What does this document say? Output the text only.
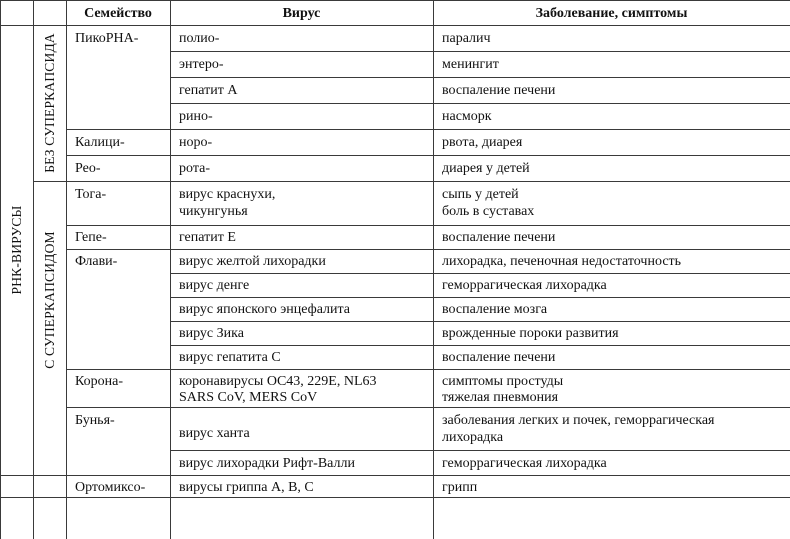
Семейство	Вирус	Заболевание, симптомы
РНК-ВИРУСЫ
БЕЗ СУПЕРКАПСИДА
С СУПЕРКАПСИДОМ
ПикоРНА-
Калици-
Рео-
Тога-
Гепе-
Флави-
Корона-
Бунья-
Ортомиксо-
полио-
энтеро-
гепатит А
рино-
норо-
рота-
вирус краснухи,
чикунгунья
гепатит Е
вирус желтой лихорадки
вирус денге
вирус японского энцефалита
вирус Зика
вирус гепатита С
коронавирусы OC43, 229E, NL63
SARS CoV, MERS CoV
вирус ханта
вирус лихорадки Рифт-Валли
вирусы гриппа A, B, C
паралич
менингит
воспаление печени
насморк
рвота, диарея
диарея у детей
сыпь у детей
боль в суставах
воспаление печени
лихорадка, печеночная недостаточность
геморрагическая лихорадка
воспаление мозга
врожденные пороки развития
воспаление печени
симптомы простуды
тяжелая пневмония
заболевания легких и почек, геморрагическая
лихорадка
геморрагическая лихорадка
грипп
